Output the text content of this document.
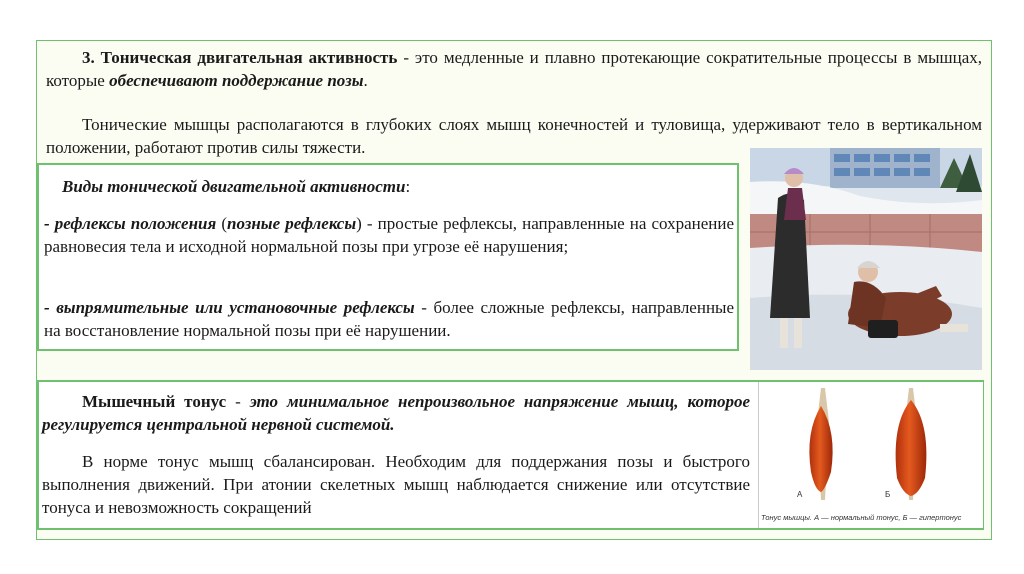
3. Тоническая двигательная активность - это медленные и плавно протекающие сократительные процессы в мышцах, которые обеспечивают поддержание позы.

Тонические мышцы располагаются в глубоких слоях мышц конечностей и туловища, удерживают тело в вертикальном положении, работают против силы тяжести.

Виды тонической двигательной активности:

- рефлексы положения (позные рефлексы) - простые рефлексы, направленные на сохранение равновесия тела и исходной нормальной позы при угрозе её нарушения;

- выпрямительные или установочные рефлексы - более сложные рефлексы, направленные на восстановление нормальной позы при её нарушении.

Мышечный тонус - это минимальное непроизвольное напряжение мышц, которое регулируется центральной нервной системой.

В норме тонус мышц сбалансирован. Необходим для поддержания позы и быстрого выполнения движений. При атонии скелетных мышц наблюдается снижение или отсутствие тонуса и невозможность сокращений

А	Б
Тонус мышцы. А — нормальный тонус, Б — гипертонус
